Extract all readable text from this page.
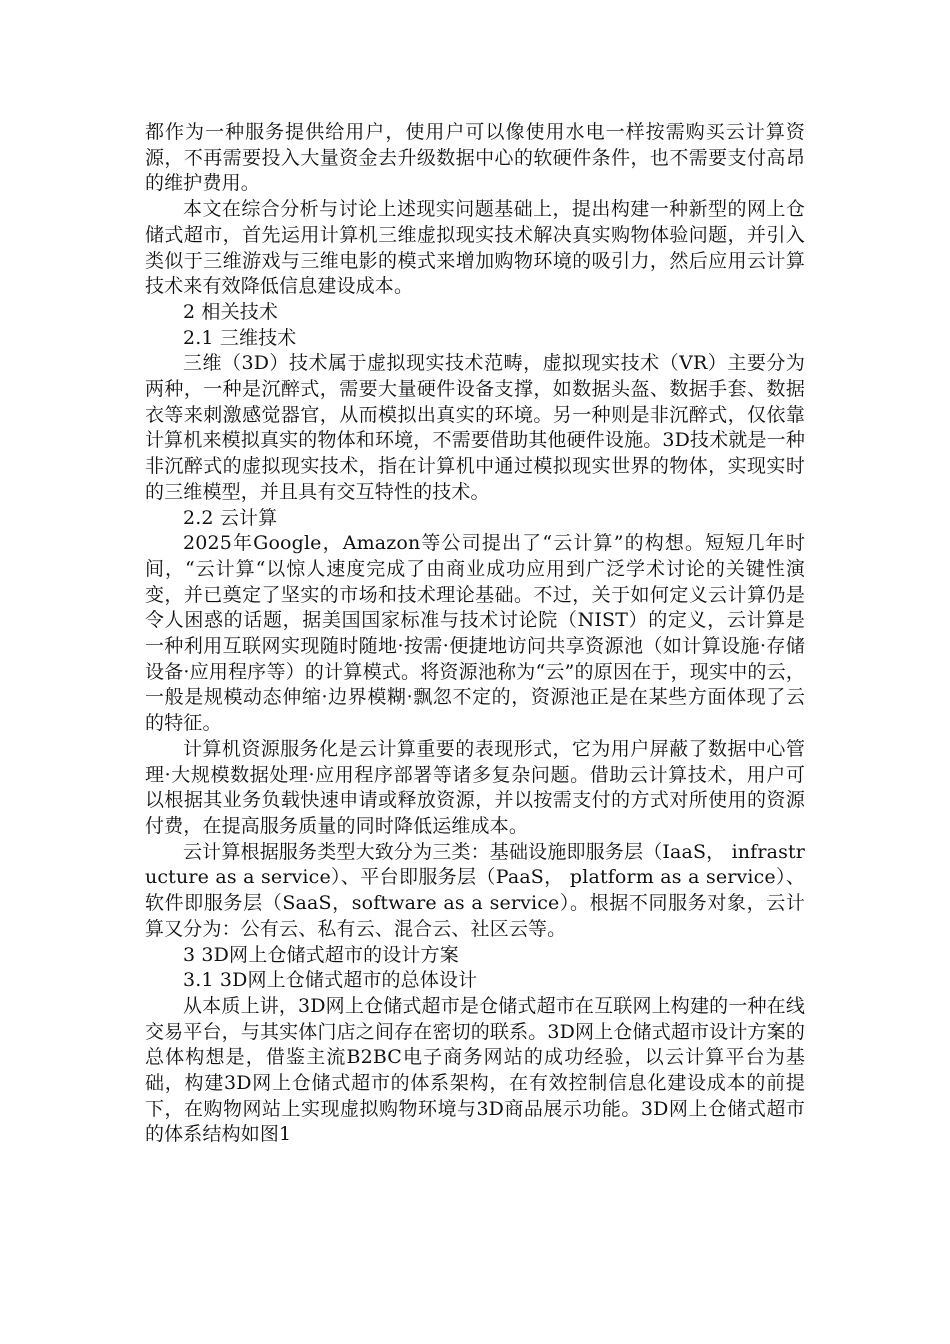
都作为一种服务提供给用户，使用户可以像使用水电一样按需购买云计算资源，不再需要投入大量资金去升级数据中心的软硬件条件，也不需要支付高昂的维护费用。

本文在综合分析与讨论上述现实问题基础上，提出构建一种新型的网上仓储式超市，首先运用计算机三维虚拟现实技术解决真实购物体验问题，并引入类似于三维游戏与三维电影的模式来增加购物环境的吸引力，然后应用云计算技术来有效降低信息建设成本。

2 相关技术

2.1 三维技术

三维（3D）技术属于虚拟现实技术范畴，虚拟现实技术（VR）主要分为两种，一种是沉醉式，需要大量硬件设备支撑，如数据头盔、数据手套、数据衣等来刺激感觉器官，从而模拟出真实的环境。另一种则是非沉醉式，仅依靠计算机来模拟真实的物体和环境，不需要借助其他硬件设施。3D技术就是一种非沉醉式的虚拟现实技术，指在计算机中通过模拟现实世界的物体，实现实时的三维模型，并且具有交互特性的技术。

2.2 云计算

2025年Google，Amazon等公司提出了“云计算”的构想。短短几年时间，“云计算“以惊人速度完成了由商业成功应用到广泛学术讨论的关键性演变，并已奠定了坚实的市场和技术理论基础。不过，关于如何定义云计算仍是令人困惑的话题，据美国国家标准与技术讨论院（NIST）的定义，云计算是一种利用互联网实现随时随地·按需·便捷地访问共享资源池（如计算设施·存储设备·应用程序等）的计算模式。将资源池称为“云”的原因在于，现实中的云，一般是规模动态伸缩·边界模糊·飘忽不定的，资源池正是在某些方面体现了云的特征。

计算机资源服务化是云计算重要的表现形式，它为用户屏蔽了数据中心管理·大规模数据处理·应用程序部署等诸多复杂问题。借助云计算技术，用户可以根据其业务负载快速申请或释放资源，并以按需支付的方式对所使用的资源付费，在提高服务质量的同时降低运维成本。

云计算根据服务类型大致分为三类：基础设施即服务层（IaaS， infrastructure as a service）、平台即服务层（PaaS， platform as a service）、软件即服务层（SaaS，software as a service）。根据不同服务对象，云计算又分为：公有云、私有云、混合云、社区云等。

3 3D网上仓储式超市的设计方案

3.1 3D网上仓储式超市的总体设计

从本质上讲，3D网上仓储式超市是仓储式超市在互联网上构建的一种在线交易平台，与其实体门店之间存在密切的联系。3D网上仓储式超市设计方案的总体构想是，借鉴主流B2BC电子商务网站的成功经验，以云计算平台为基础，构建3D网上仓储式超市的体系架构，在有效控制信息化建设成本的前提下，在购物网站上实现虚拟购物环境与3D商品展示功能。3D网上仓储式超市的体系结构如图1
